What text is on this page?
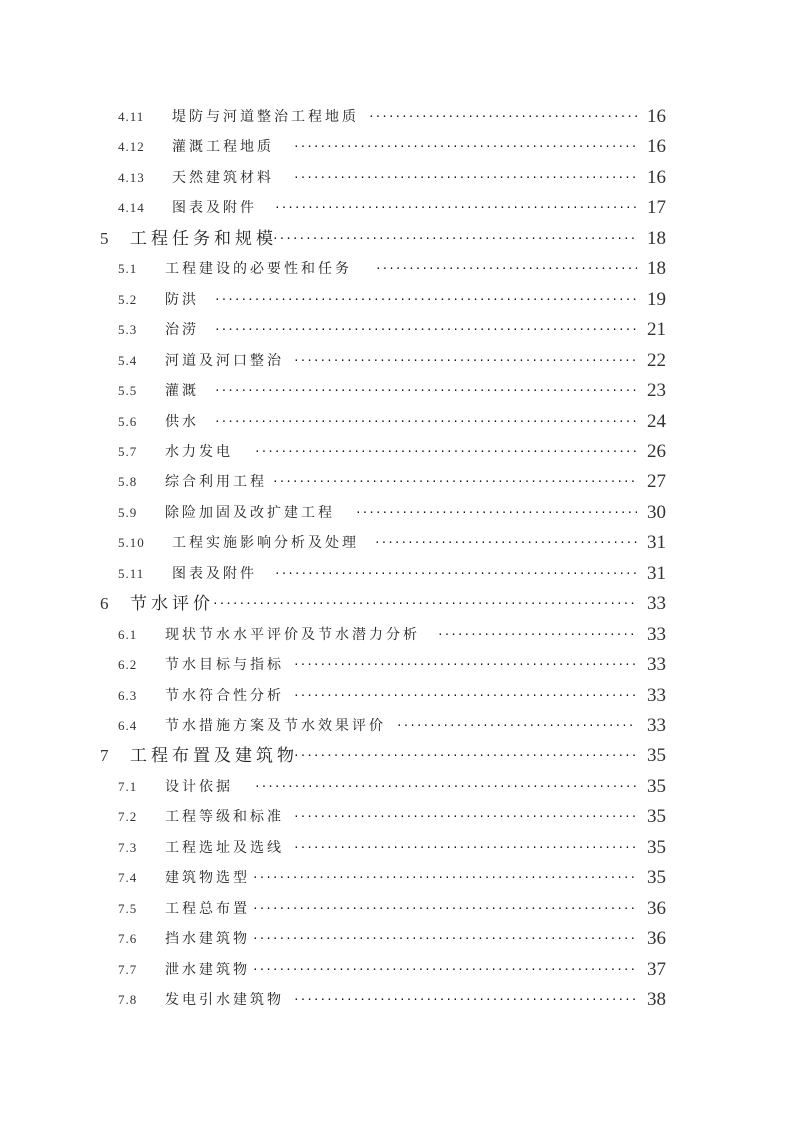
4.11 堤防与河道整治工程地质 ·····	16
4.12 灌溉工程地质 ·····	16
4.13 天然建筑材料 ·····	16
4.14 图表及附件 ·····	17
5 工程任务和规模 ·····	18
5.1 工程建设的必要性和任务 ·····	18
5.2 防洪 ·····	19
5.3 治涝 ·····	21
5.4 河道及河口整治 ·····	22
5.5 灌溉 ·····	23
5.6 供水 ·····	24
5.7 水力发电 ·····	26
5.8 综合利用工程 ·····	27
5.9 除险加固及改扩建工程 ·····	30
5.10 工程实施影响分析及处理 ·····	31
5.11 图表及附件 ·····	31
6 节水评价 ·····	33
6.1 现状节水水平评价及节水潜力分析 ·····	33
6.2 节水目标与指标 ·····	33
6.3 节水符合性分析 ·····	33
6.4 节水措施方案及节水效果评价 ·····	33
7 工程布置及建筑物 ·····	35
7.1 设计依据 ·····	35
7.2 工程等级和标准 ·····	35
7.3 工程选址及选线 ·····	35
7.4 建筑物选型 ·····	35
7.5 工程总布置 ·····	36
7.6 挡水建筑物 ·····	36
7.7 泄水建筑物 ·····	37
7.8 发电引水建筑物 ·····	38
